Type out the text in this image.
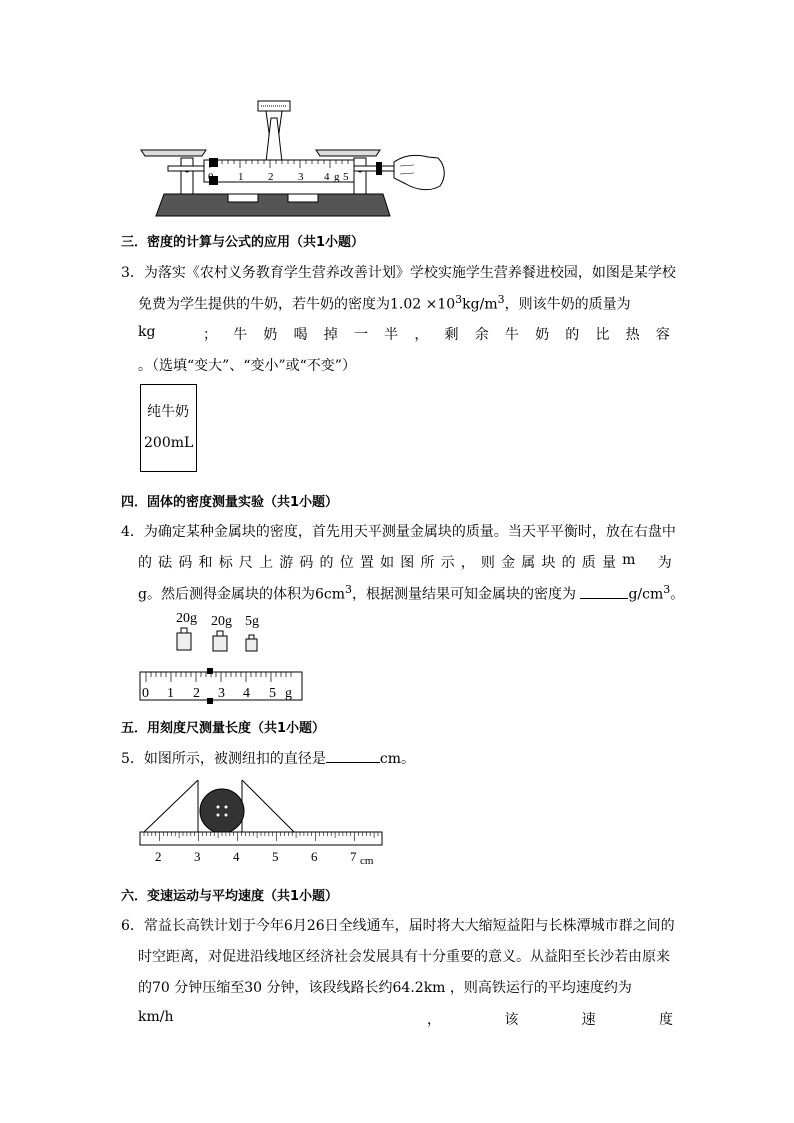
0 1 2 3 4 g 5
三．密度的计算与公式的应用（共1小题）
3．为落实《农村义务教育学生营养改善计划》学校实施学生营养餐进校园，如图是某学校
免费为学生提供的牛奶，若牛奶的密度为$1.02 \times 10^3kg/m^3$，则该牛奶的质量为
kg	； 牛 奶 喝 掉 一 半 ， 剩 余 牛 奶 的 比 热 容
。（选填“变大”、“变小”或“不变”）
纯牛奶
200mL
四．固体的密度测量实验（共1小题）
4．为确定某种金属块的密度，首先用天平测量金属块的质量。当天平平衡时，放在右盘中
的 砝 码 和 标 尺 上 游 码 的 位 置 如 图 所 示 ， 则 金 属 块 的 质 量 m 为
g。然后测得金属块的体积为$6cm^3$，根据测量结果可知金属块的密度为	$g/cm^3$。
20g 20g 5g
0 1 2 3 4 5 g
五．用刻度尺测量长度（共1小题）
5．如图所示，被测纽扣的直径是	cm。
2	3	4	5	6	7 cm
六．变速运动与平均速度（共1小题）
6．常益长高铁计划于今年6月26日全线通车，届时将大大缩短益阳与长株潭城市群之间的
时空距离，对促进沿线地区经济社会发展具有十分重要的意义。从益阳至长沙若由原来
的70 分钟压缩至30 分钟，该段线路长约64.2km ，则高铁运行的平均速度约为
km/h	，	该	速	度
